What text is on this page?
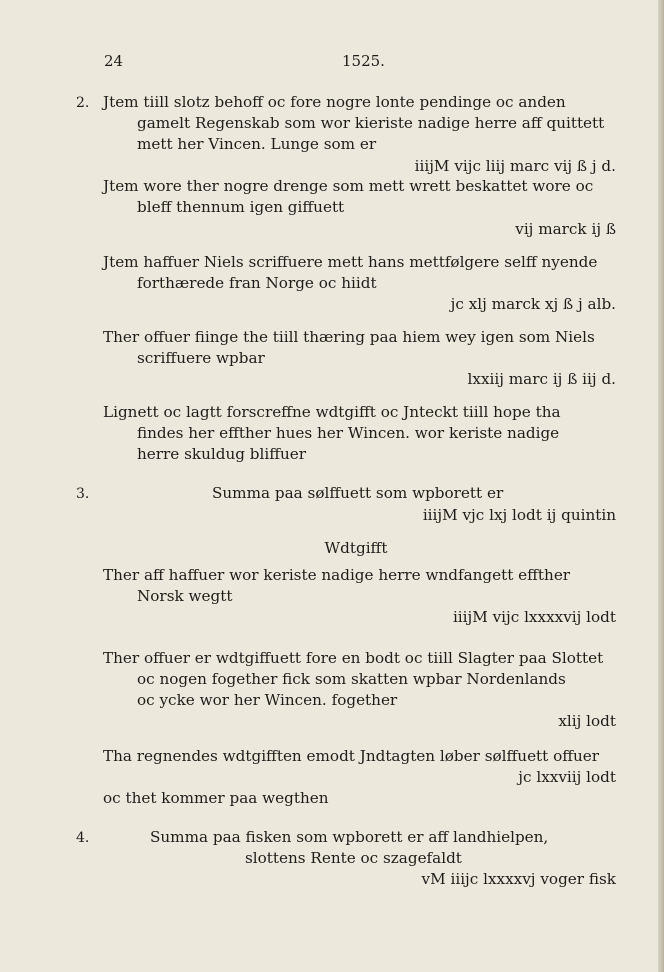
24	1525.
2. Jtem tiill slotz behoff oc fore nogre lonte pendinge oc anden
gamelt Regenskab som wor kieriste nadige herre aff quittett
mett her Vincen. Lunge som er
iiijM vijc liij marc vij ß j d.
Jtem wore ther nogre drenge som mett wrett beskattet wore oc
bleff thennum igen giffuett
vij marck ij ß
Jtem haffuer Niels scriffuere mett hans mettfølgere selff nyende
forthærede fran Norge oc hiidt
jc xlj marck xj ß j alb.
Ther offuer fiinge the tiill thæring paa hiem wey igen som Niels
scriffuere wpbar
lxxiij marc ij ß iij d.
Lignett oc lagtt forscreffne wdtgifft oc Jnteckt tiill hope tha
findes her effther hues her Wincen. wor keriste nadige
herre skuldug bliffuer
3.	Summa paa sølffuett som wpborett er
iiijM vjc lxj lodt ij quintin
Wdtgifft
Ther aff haffuer wor keriste nadige herre wndfangett effther
Norsk wegtt
iiijM vijc lxxxxvij lodt
Ther offuer er wdtgiffuett fore en bodt oc tiill Slagter paa Slottet
oc nogen fogether fick som skatten wpbar Nordenlands
oc ycke wor her Wincen. fogether
xlij lodt
Tha regnendes wdtgifften emodt Jndtagten løber sølffuett offuer
jc lxxviij lodt
oc thet kommer paa wegthen
4.	Summa paa fisken som wpborett er aff landhielpen,
slottens Rente oc szagefaldt
vM iiijc lxxxxvj voger fisk
